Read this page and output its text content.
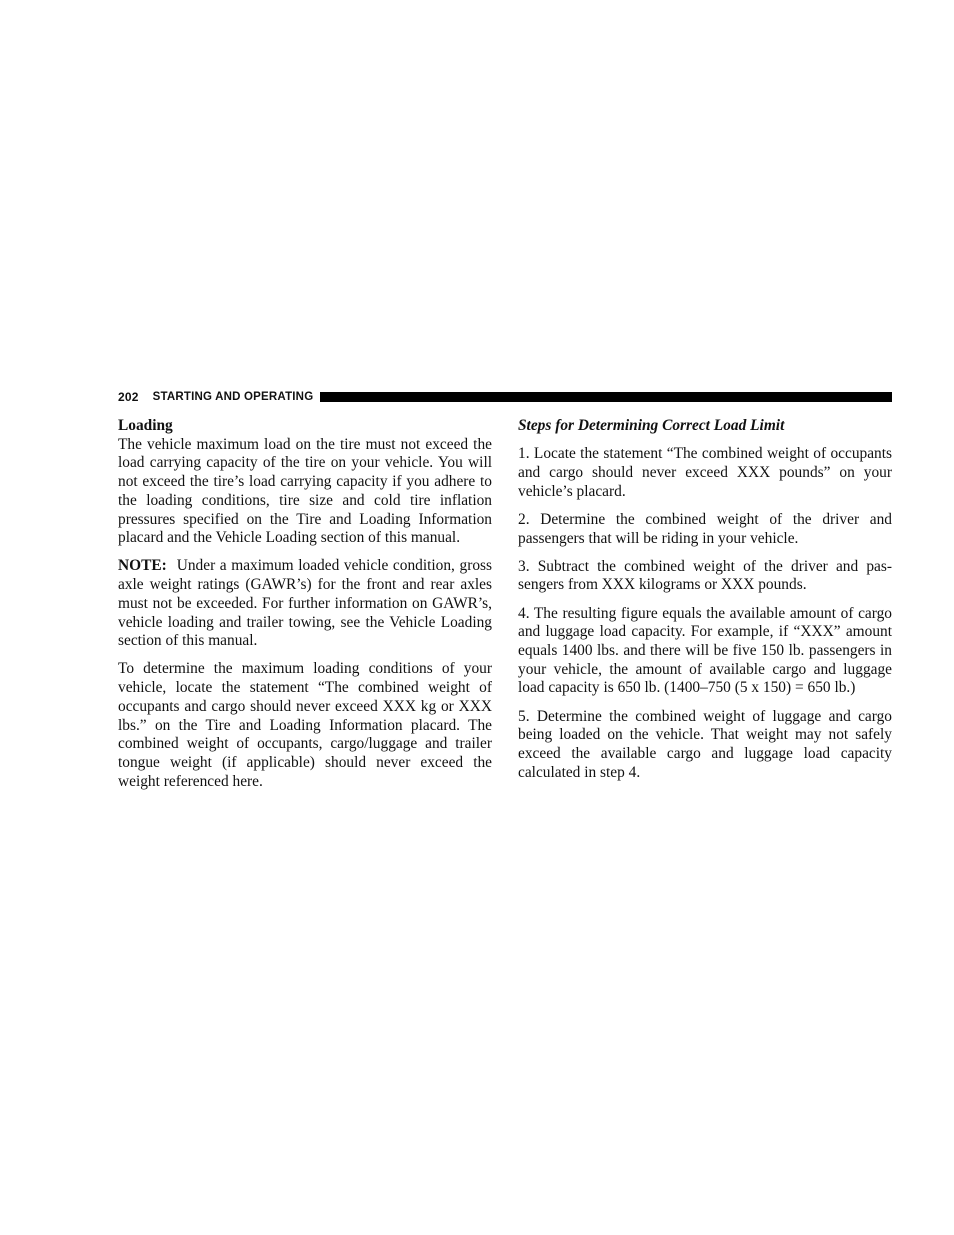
202 STARTING AND OPERATING
Loading

The vehicle maximum load on the tire must not exceed the load carrying capacity of the tire on your vehicle. You will not exceed the tire’s load carrying capacity if you adhere to the loading conditions, tire size and cold tire inflation pressures specified on the Tire and Loading Information placard and the Vehicle Loading section of this manual.

NOTE: Under a maximum loaded vehicle condition, gross axle weight ratings (GAWR’s) for the front and rear axles must not be exceeded. For further information on GAWR’s, vehicle loading and trailer towing, see the Vehicle Loading section of this manual.

To determine the maximum loading conditions of your vehicle, locate the statement “The combined weight of occupants and cargo should never exceed XXX kg or XXX lbs.” on the Tire and Loading Information placard. The combined weight of occupants, cargo/luggage and trailer tongue weight (if applicable) should never exceed the weight referenced here.

Steps for Determining Correct Load Limit

1. Locate the statement “The combined weight of occupants and cargo should never exceed XXX pounds” on your vehicle’s placard.

2. Determine the combined weight of the driver and passengers that will be riding in your vehicle.

3. Subtract the combined weight of the driver and passengers from XXX kilograms or XXX pounds.

4. The resulting figure equals the available amount of cargo and luggage load capacity. For example, if “XXX” amount equals 1400 lbs. and there will be five 150 lb. passengers in your vehicle, the amount of available cargo and luggage load capacity is 650 lb. (1400–750 (5 x 150) = 650 lb.)

5. Determine the combined weight of luggage and cargo being loaded on the vehicle. That weight may not safely exceed the available cargo and luggage load capacity calculated in step 4.
